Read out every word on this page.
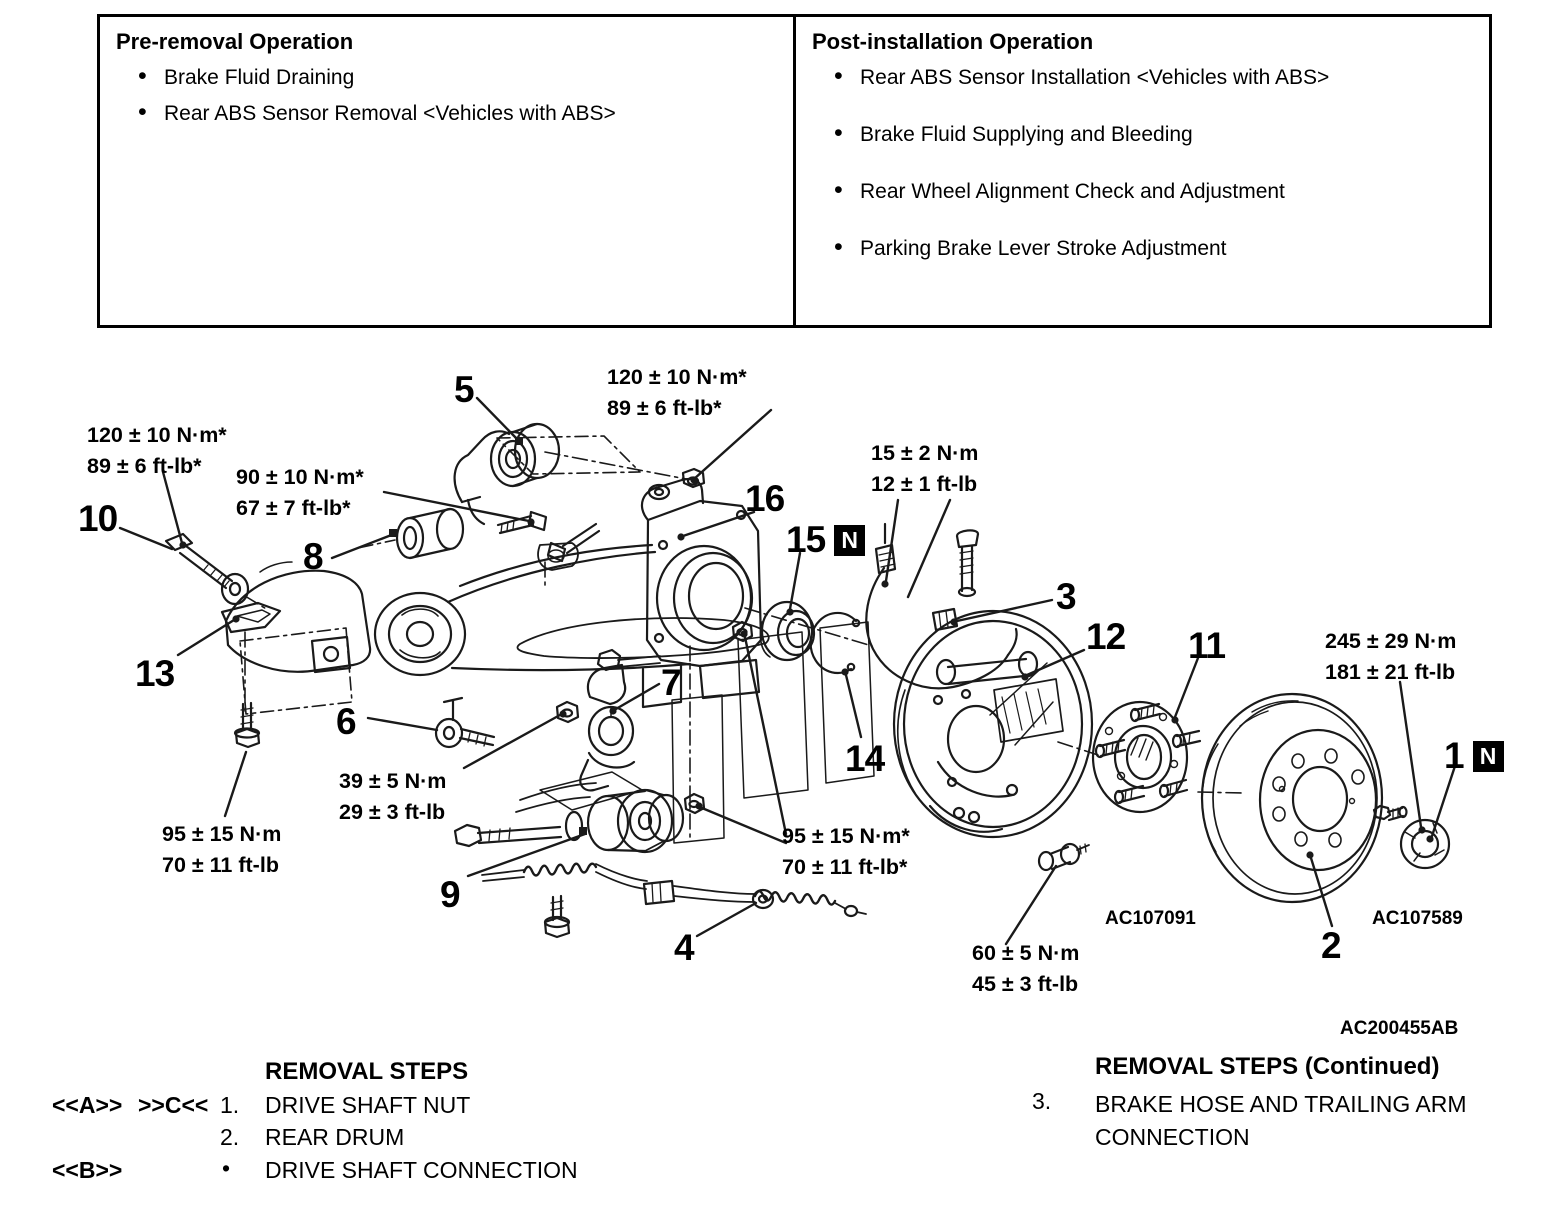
Pre-removal Operation
• Brake Fluid Draining
• Rear ABS Sensor Removal <Vehicles with ABS>
Post-installation Operation
• Rear ABS Sensor Installation <Vehicles with ABS>
• Brake Fluid Supplying and Bleeding
• Rear Wheel Alignment Check and Adjustment
• Parking Brake Lever Stroke Adjustment
120 ± 10 N·m*
89 ± 6 ft-lb*
120 ± 10 N·m*
89 ± 6 ft-lb*	90 ± 10 N·m*
67 ± 7 ft-lb*
15 ± 2 N·m
12 ± 1 ft-lb
245 ± 29 N·m
181 ± 21 ft-lb
39 ± 5 N·m
29 ± 3 ft-lb
95 ± 15 N·m
70 ± 11 ft-lb
95 ± 15 N·m*
70 ± 11 ft-lb*
60 ± 5 N·m
45 ± 3 ft-lb
5
10
8
13
16
15 N
3
12 11
14
6
7
9
4	2
1 N
AC107091	AC107589
AC200455AB
REMOVAL STEPS
<<A>> >>C<< 1. DRIVE SHAFT NUT
2. REAR DRUM
<<B>>	• DRIVE SHAFT CONNECTION
REMOVAL STEPS (Continued)
3. BRAKE HOSE AND TRAILING ARM CONNECTION
